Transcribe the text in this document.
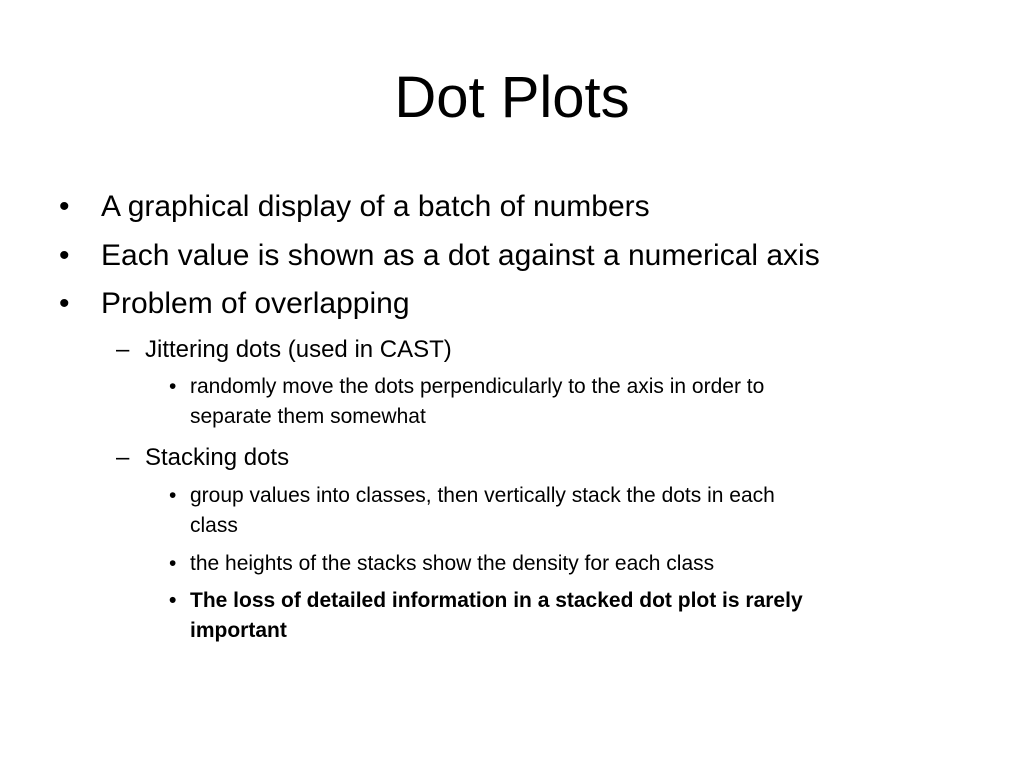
Dot Plots
• A graphical display of a batch of numbers
• Each value is shown as a dot against a numerical axis
• Problem of overlapping
– Jittering dots (used in CAST)
• randomly move the dots perpendicularly to the axis in order to
separate them somewhat
– Stacking dots
• group values into classes, then vertically stack the dots in each
class
• the heights of the stacks show the density for each class
• The loss of detailed information in a stacked dot plot is rarely
important
